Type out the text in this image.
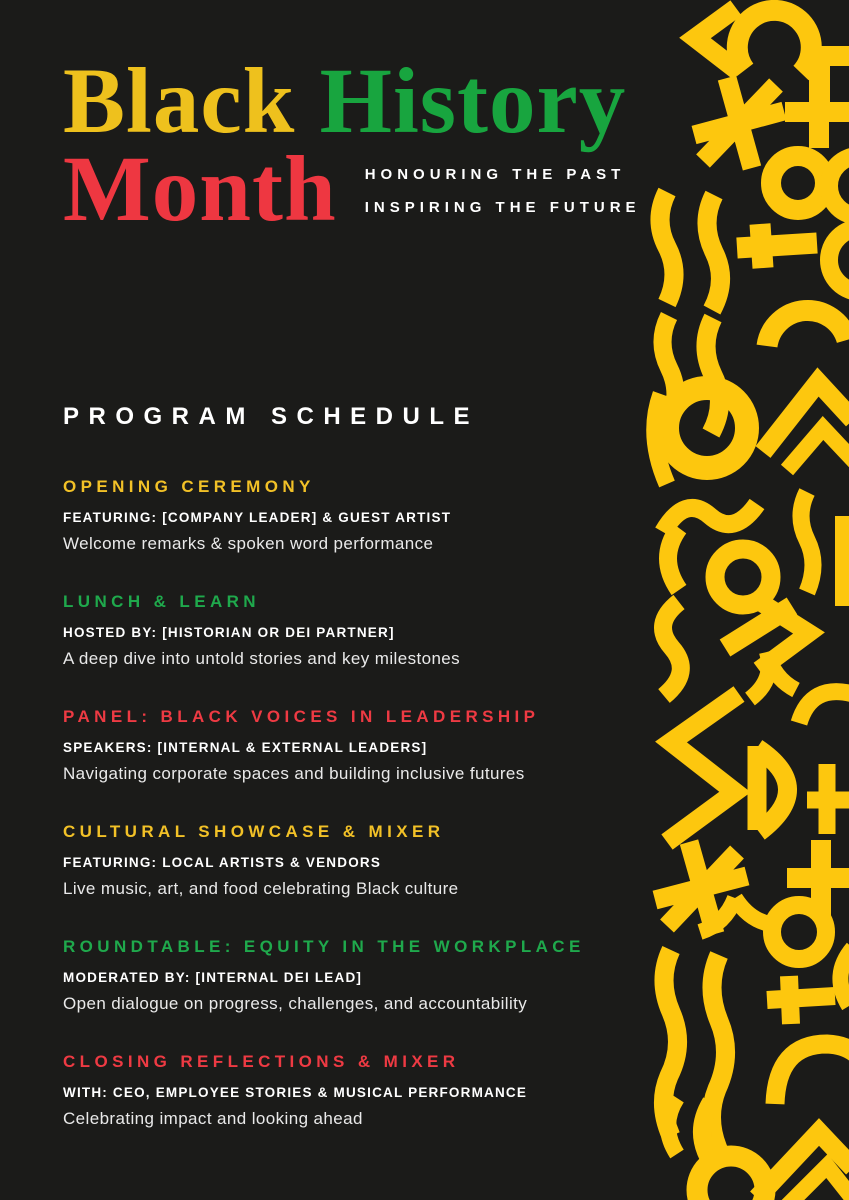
Black History
Month HONOURING THE PAST
INSPIRING THE FUTURE
PROGRAM SCHEDULE
OPENING CEREMONY
FEATURING: [COMPANY LEADER] & GUEST ARTIST

Welcome remarks & spoken word performance

LUNCH & LEARN
HOSTED BY: [HISTORIAN OR DEI PARTNER]

A deep dive into untold stories and key milestones

PANEL: BLACK VOICES IN LEADERSHIP
SPEAKERS: [INTERNAL & EXTERNAL LEADERS]

Navigating corporate spaces and building inclusive futures

CULTURAL SHOWCASE & MIXER
FEATURING: LOCAL ARTISTS & VENDORS

Live music, art, and food celebrating Black culture

ROUNDTABLE: EQUITY IN THE WORKPLACE
MODERATED BY: [INTERNAL DEI LEAD]

Open dialogue on progress, challenges, and accountability

CLOSING REFLECTIONS & MIXER
WITH: CEO, EMPLOYEE STORIES & MUSICAL PERFORMANCE

Celebrating impact and looking ahead
